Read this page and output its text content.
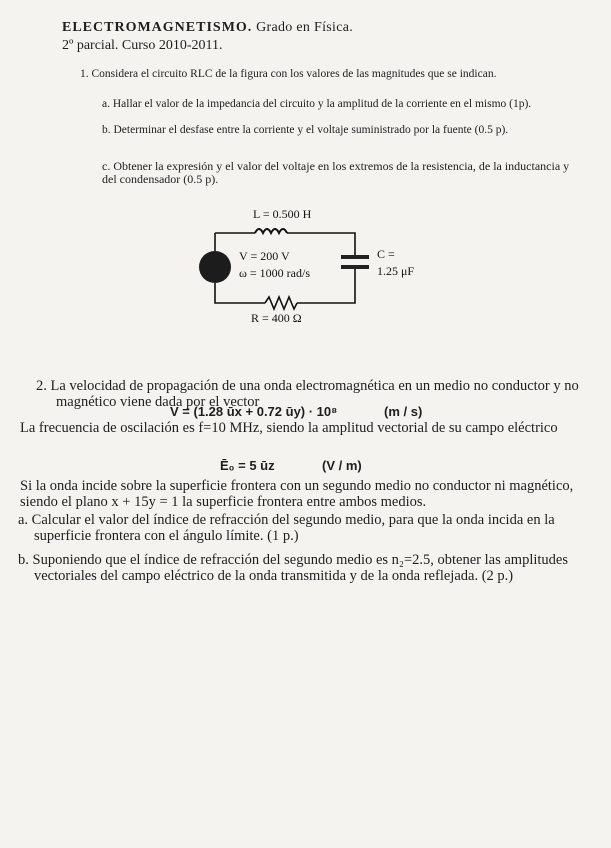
ELECTROMAGNETISMO. Grado en Física.
2º parcial. Curso 2010-2011.
1. Considera el circuito RLC de la figura con los valores de las magnitudes que se indican.
a. Hallar el valor de la impedancia del circuito y la amplitud de la corriente en el mismo (1p).
b. Determinar el desfase entre la corriente y el voltaje suministrado por la fuente (0.5 p).
c. Obtener la expresión y el valor del voltaje en los extremos de la resistencia, de la inductancia y del condensador (0.5 p).
L = 0.500 H
V = 200 V
ω = 1000 rad/s
C =
1.25 μF
R = 400 Ω
2. La velocidad de propagación de una onda electromagnética en un medio no conductor y no magnético viene dada por el vector
V = (1.28 ūx + 0.72 ūy) · 10⁸	(m / s)
La frecuencia de oscilación es f=10 MHz, siendo la amplitud vectorial de su campo eléctrico
Ē₀ = 5 ūz	(V / m)
Si la onda incide sobre la superficie frontera con un segundo medio no conductor ni magnético, siendo el plano x + 15y = 1 la superficie frontera entre ambos medios.
a. Calcular el valor del índice de refracción del segundo medio, para que la onda incida en la superficie frontera con el ángulo límite. (1 p.)
b. Suponiendo que el índice de refracción del segundo medio es n₂=2.5, obtener las amplitudes vectoriales del campo eléctrico de la onda transmitida y de la onda reflejada. (2 p.)
